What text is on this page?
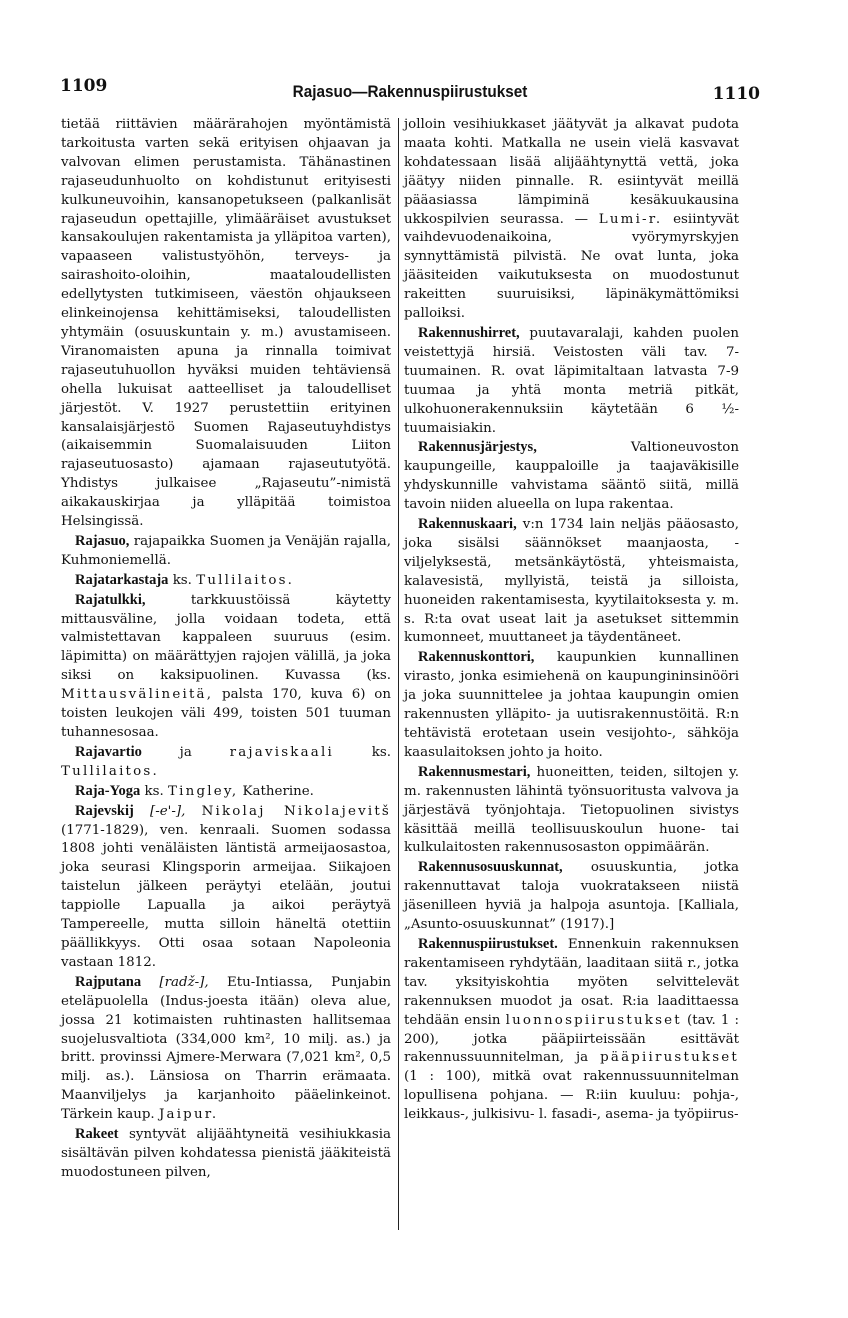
1109	Rajasuo—Rakennuspiirustukset	1110

tietää riittävien määrärahojen myöntämistä tarkoitusta varten sekä erityisen ohjaavan ja valvovan elimen perustamista. Tähänastinen rajaseudunhuolto on kohdistunut erityisesti kulkuneuvoihin, kansanopetukseen (palkanlisät rajaseudun opettajille, ylimääräiset avustukset kansakoulujen rakentamista ja ylläpitoa varten), vapaaseen valistustyöhön, terveys- ja sairashoito-oloihin, maataloudellisten edellytysten tutkimiseen, väestön ohjaukseen elinkeinojensa kehittämiseksi, taloudellisten yhtymäin (osuuskuntain y. m.) avustamiseen. Viranomaisten apuna ja rinnalla toimivat rajaseutuhuollon hyväksi muiden tehtäviensä ohella lukuisat aatteelliset ja taloudelliset järjestöt. V. 1927 perustettiin erityinen kansalaisjärjestö Suomen Rajaseutuyhdistys (aikaisemmin Suomalaisuuden Liiton rajaseutuosasto) ajamaan rajaseututyötä. Yhdistys julkaisee „Rajaseutu”-nimistä aikakauskirjaa ja ylläpitää toimistoa Helsingissä.

Rajasuo, rajapaikka Suomen ja Venäjän rajalla, Kuhmoniemellä.

Rajatarkastaja ks. Tullilaitos.

Rajatulkki, tarkkuustöissä käytetty mittausväline, jolla voidaan todeta, että valmistettavan kappaleen suuruus (esim. läpimitta) on määrättyjen rajojen välillä, ja joka siksi on kaksipuolinen. Kuvassa (ks. Mittausvälineitä, palsta 170, kuva 6) on toisten leukojen väli 499, toisten 501 tuuman tuhannesosaa.

Rajavartio ja rajaviskaali ks. Tullilaitos.

Raja-Yoga ks. Tingley, Katherine.

Rajevskij [-e'-], Nikolaj Nikolajevitš (1771-1829), ven. kenraali. Suomen sodassa 1808 johti venäläisten läntistä armeijaosastoa, joka seurasi Klingsporin armeijaa. Siikajoen taistelun jälkeen peräytyi etelään, joutui tappiolle Lapualla ja aikoi peräytyä Tampereelle, mutta silloin häneltä otettiin päällikkyys. Otti osaa sotaan Napoleonia vastaan 1812.

Rajputana [radž-], Etu-Intiassa, Punjabin eteläpuolella (Indus-joesta itään) oleva alue, jossa 21 kotimaisten ruhtinasten hallitsemaa suojelusvaltiota (334,000 km², 10 milj. as.) ja britt. provinssi Ajmere-Merwara (7,021 km², 0,5 milj. as.). Länsiosa on Tharrin erämaata. Maanviljelys ja karjanhoito pääelinkeinot. Tärkein kaup. Jaipur.

Rakeet syntyvät alijäähtyneitä vesihiukkasia sisältävän pilven kohdatessa pienistä jääkiteistä muodostuneen pilven,

jolloin vesihiukkaset jäätyvät ja alkavat pudota maata kohti. Matkalla ne usein vielä kasvavat kohdatessaan lisää alijäähtynyttä vettä, joka jäätyy niiden pinnalle. R. esiintyvät meillä pääasiassa lämpiminä kesäkuukausina ukkospilvien seurassa. — Lumi-r. esiintyvät vaihdevuodenaikoina, vyörymyrskyjen synnyttämistä pilvistä. Ne ovat lunta, joka jääsiteiden vaikutuksesta on muodostunut rakeitten suuruisiksi, läpinäkymättömiksi palloiksi.

Rakennushirret, puutavaralaji, kahden puolen veistettyjä hirsiä. Veistosten väli tav. 7-tuumainen. R. ovat läpimitaltaan latvasta 7-9 tuumaa ja yhtä monta metriä pitkät, ulkohuonerakennuksiin käytetään 6 ½-tuumaisiakin.

Rakennusjärjestys, Valtioneuvoston kaupungeille, kauppaloille ja taajaväkisille yhdyskunnille vahvistama sääntö siitä, millä tavoin niiden alueella on lupa rakentaa.

Rakennuskaari, v:n 1734 lain neljäs pääosasto, joka sisälsi säännökset maanjaosta, -viljelyksestä, metsänkäytöstä, yhteismaista, kalavesistä, myllyistä, teistä ja silloista, huoneiden rakentamisesta, kyytilaitoksesta y. m. s. R:ta ovat useat lait ja asetukset sittemmin kumonneet, muuttaneet ja täydentäneet.

Rakennuskonttori, kaupunkien kunnallinen virasto, jonka esimiehenä on kaupungininsinööri ja joka suunnittelee ja johtaa kaupungin omien rakennusten ylläpito- ja uutisrakennustöitä. R:n tehtävistä erotetaan usein vesijohto-, sähköja kaasulaitoksen johto ja hoito.

Rakennusmestari, huoneitten, teiden, siltojen y. m. rakennusten lähintä työnsuoritusta valvova ja järjestävä työnjohtaja. Tietopuolinen sivistys käsittää meillä teollisuuskoulun huone- tai kulkulaitosten rakennusosaston oppimäärän.

Rakennusosuuskunnat, osuuskuntia, jotka rakennuttavat taloja vuokratakseen niistä jäsenilleen hyviä ja halpoja asuntoja. [Kalliala, „Asunto-osuuskunnat” (1917).]

Rakennuspiirustukset. Ennenkuin rakennuksen rakentamiseen ryhdytään, laaditaan siitä r., jotka tav. yksityiskohtia myöten selvittelevät rakennuksen muodot ja osat. R:ia laadittaessa tehdään ensin luonnospiirustukset (tav. 1 : 200), jotka pääpiirteissään esittävät rakennussuunnitelman, ja pääpiirustukset (1 : 100), mitkä ovat rakennussuunnitelman lopullisena pohjana. — R:iin kuuluu: pohja-, leikkaus-, julkisivu- l. fasadi-, asema- ja työpiirus-
